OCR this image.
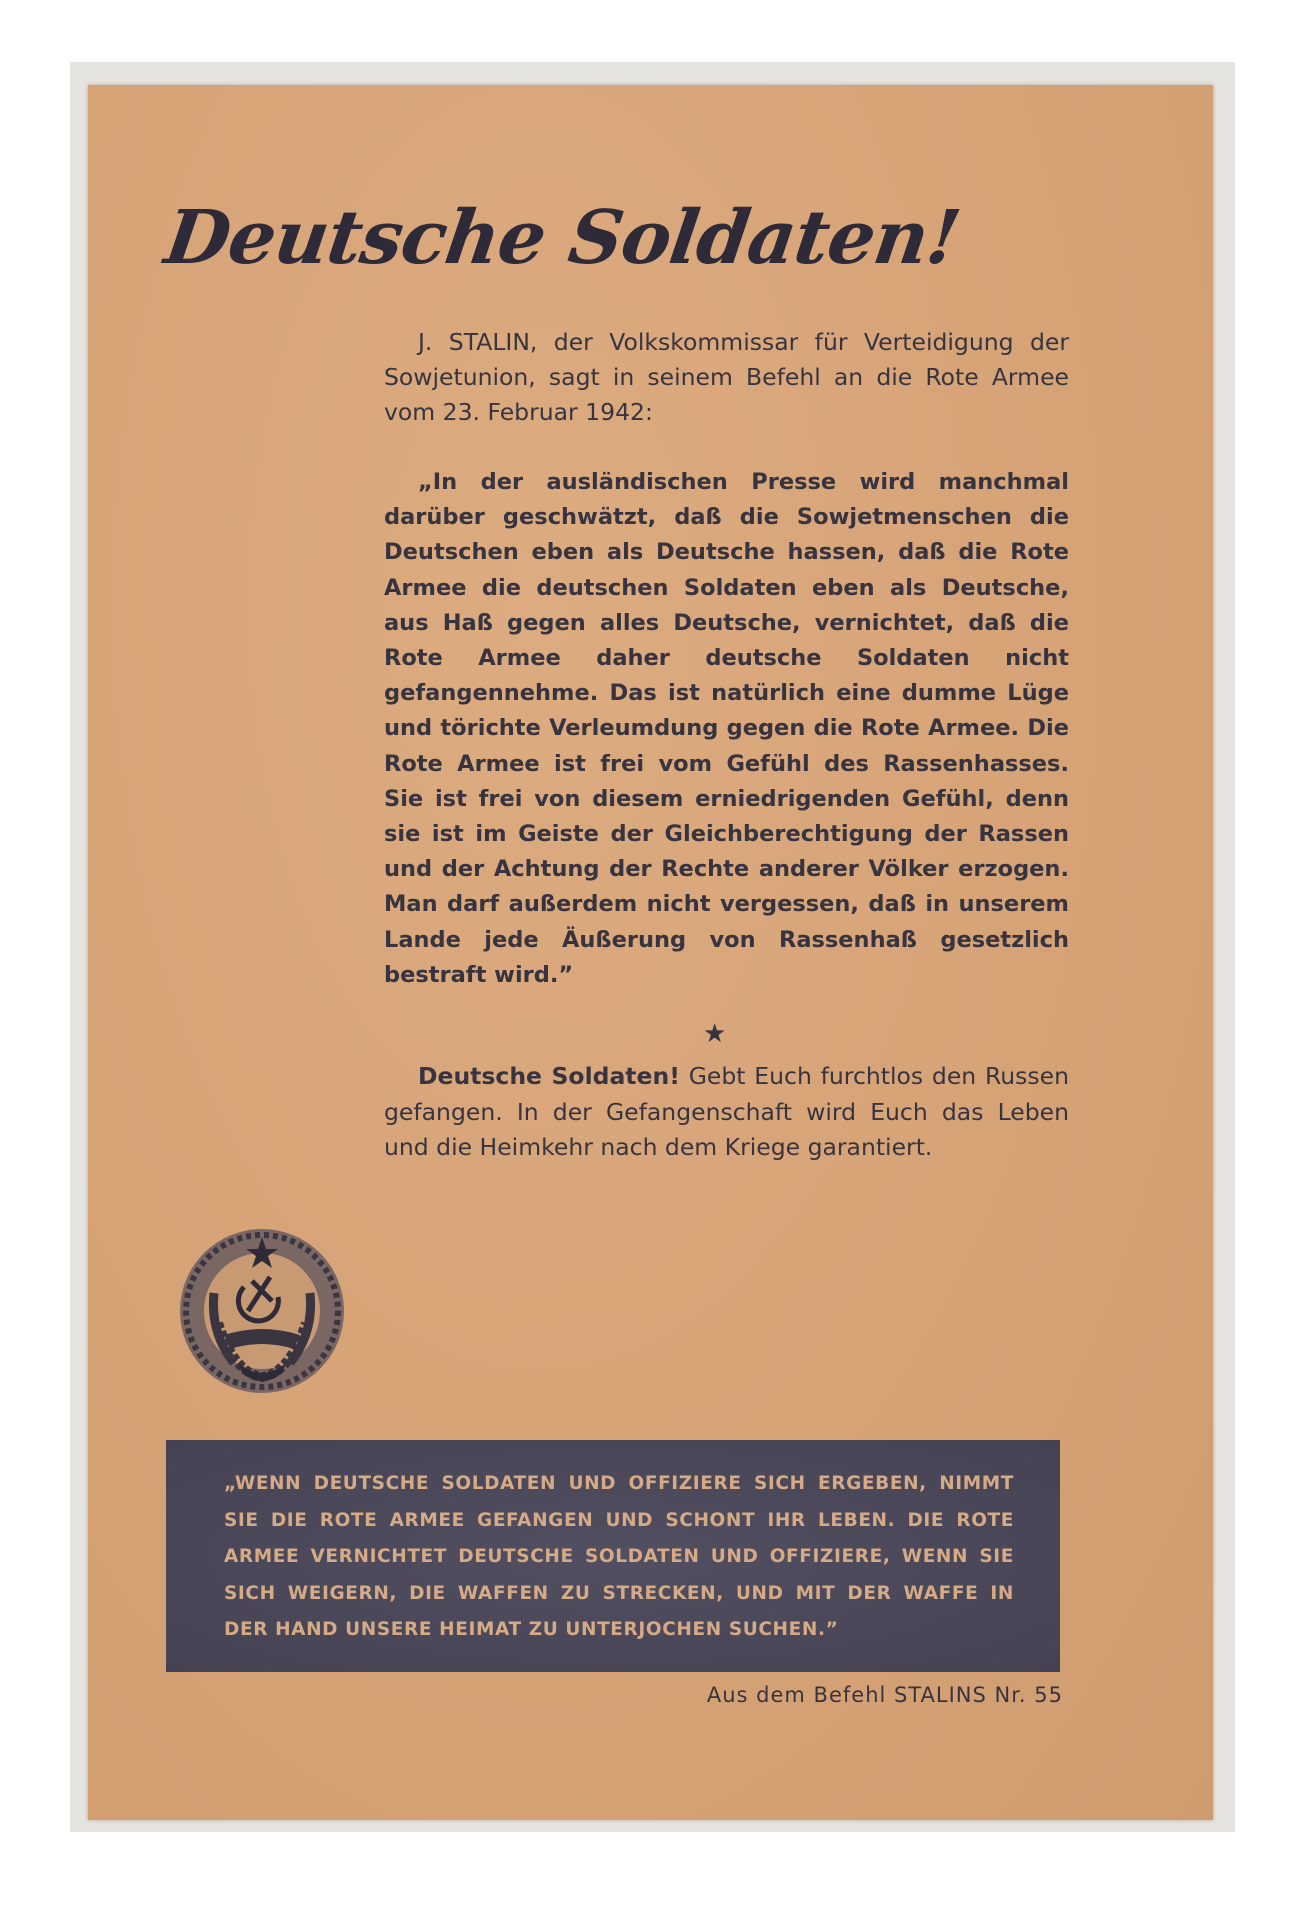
Deutsche Soldaten!

J. STALIN, der Volkskommissar für Verteidigung der Sowjetunion, sagt in seinem Befehl an die Rote Armee vom 23. Februar 1942:

„In der ausländischen Presse wird manchmal darüber geschwätzt, daß die Sowjetmenschen die Deutschen eben als Deutsche hassen, daß die Rote Armee die deutschen Soldaten eben als Deutsche, aus Haß gegen alles Deutsche, vernichtet, daß die Rote Armee daher deutsche Soldaten nicht gefangennehme. Das ist natürlich eine dumme Lüge und törichte Verleumdung gegen die Rote Armee. Die Rote Armee ist frei vom Gefühl des Rassenhasses. Sie ist frei von diesem erniedrigenden Gefühl, denn sie ist im Geiste der Gleichberechtigung der Rassen und der Achtung der Rechte anderer Völker erzogen. Man darf außerdem nicht vergessen, daß in unserem Lande jede Äußerung von Rassenhaß gesetzlich bestraft wird.”

★

Deutsche Soldaten! Gebt Euch furchtlos den Russen gefangen. In der Gefangenschaft wird Euch das Leben und die Heimkehr nach dem Kriege garantiert.

„WENN DEUTSCHE SOLDATEN UND OFFIZIERE SICH ERGEBEN, NIMMT SIE DIE ROTE ARMEE GEFANGEN UND SCHONT IHR LEBEN. DIE ROTE ARMEE VERNICHTET DEUTSCHE SOLDATEN UND OFFIZIERE, WENN SIE SICH WEIGERN, DIE WAFFEN ZU STRECKEN, UND MIT DER WAFFE IN DER HAND UNSERE HEIMAT ZU UNTERJOCHEN SUCHEN.”

Aus dem Befehl STALINS Nr. 55
